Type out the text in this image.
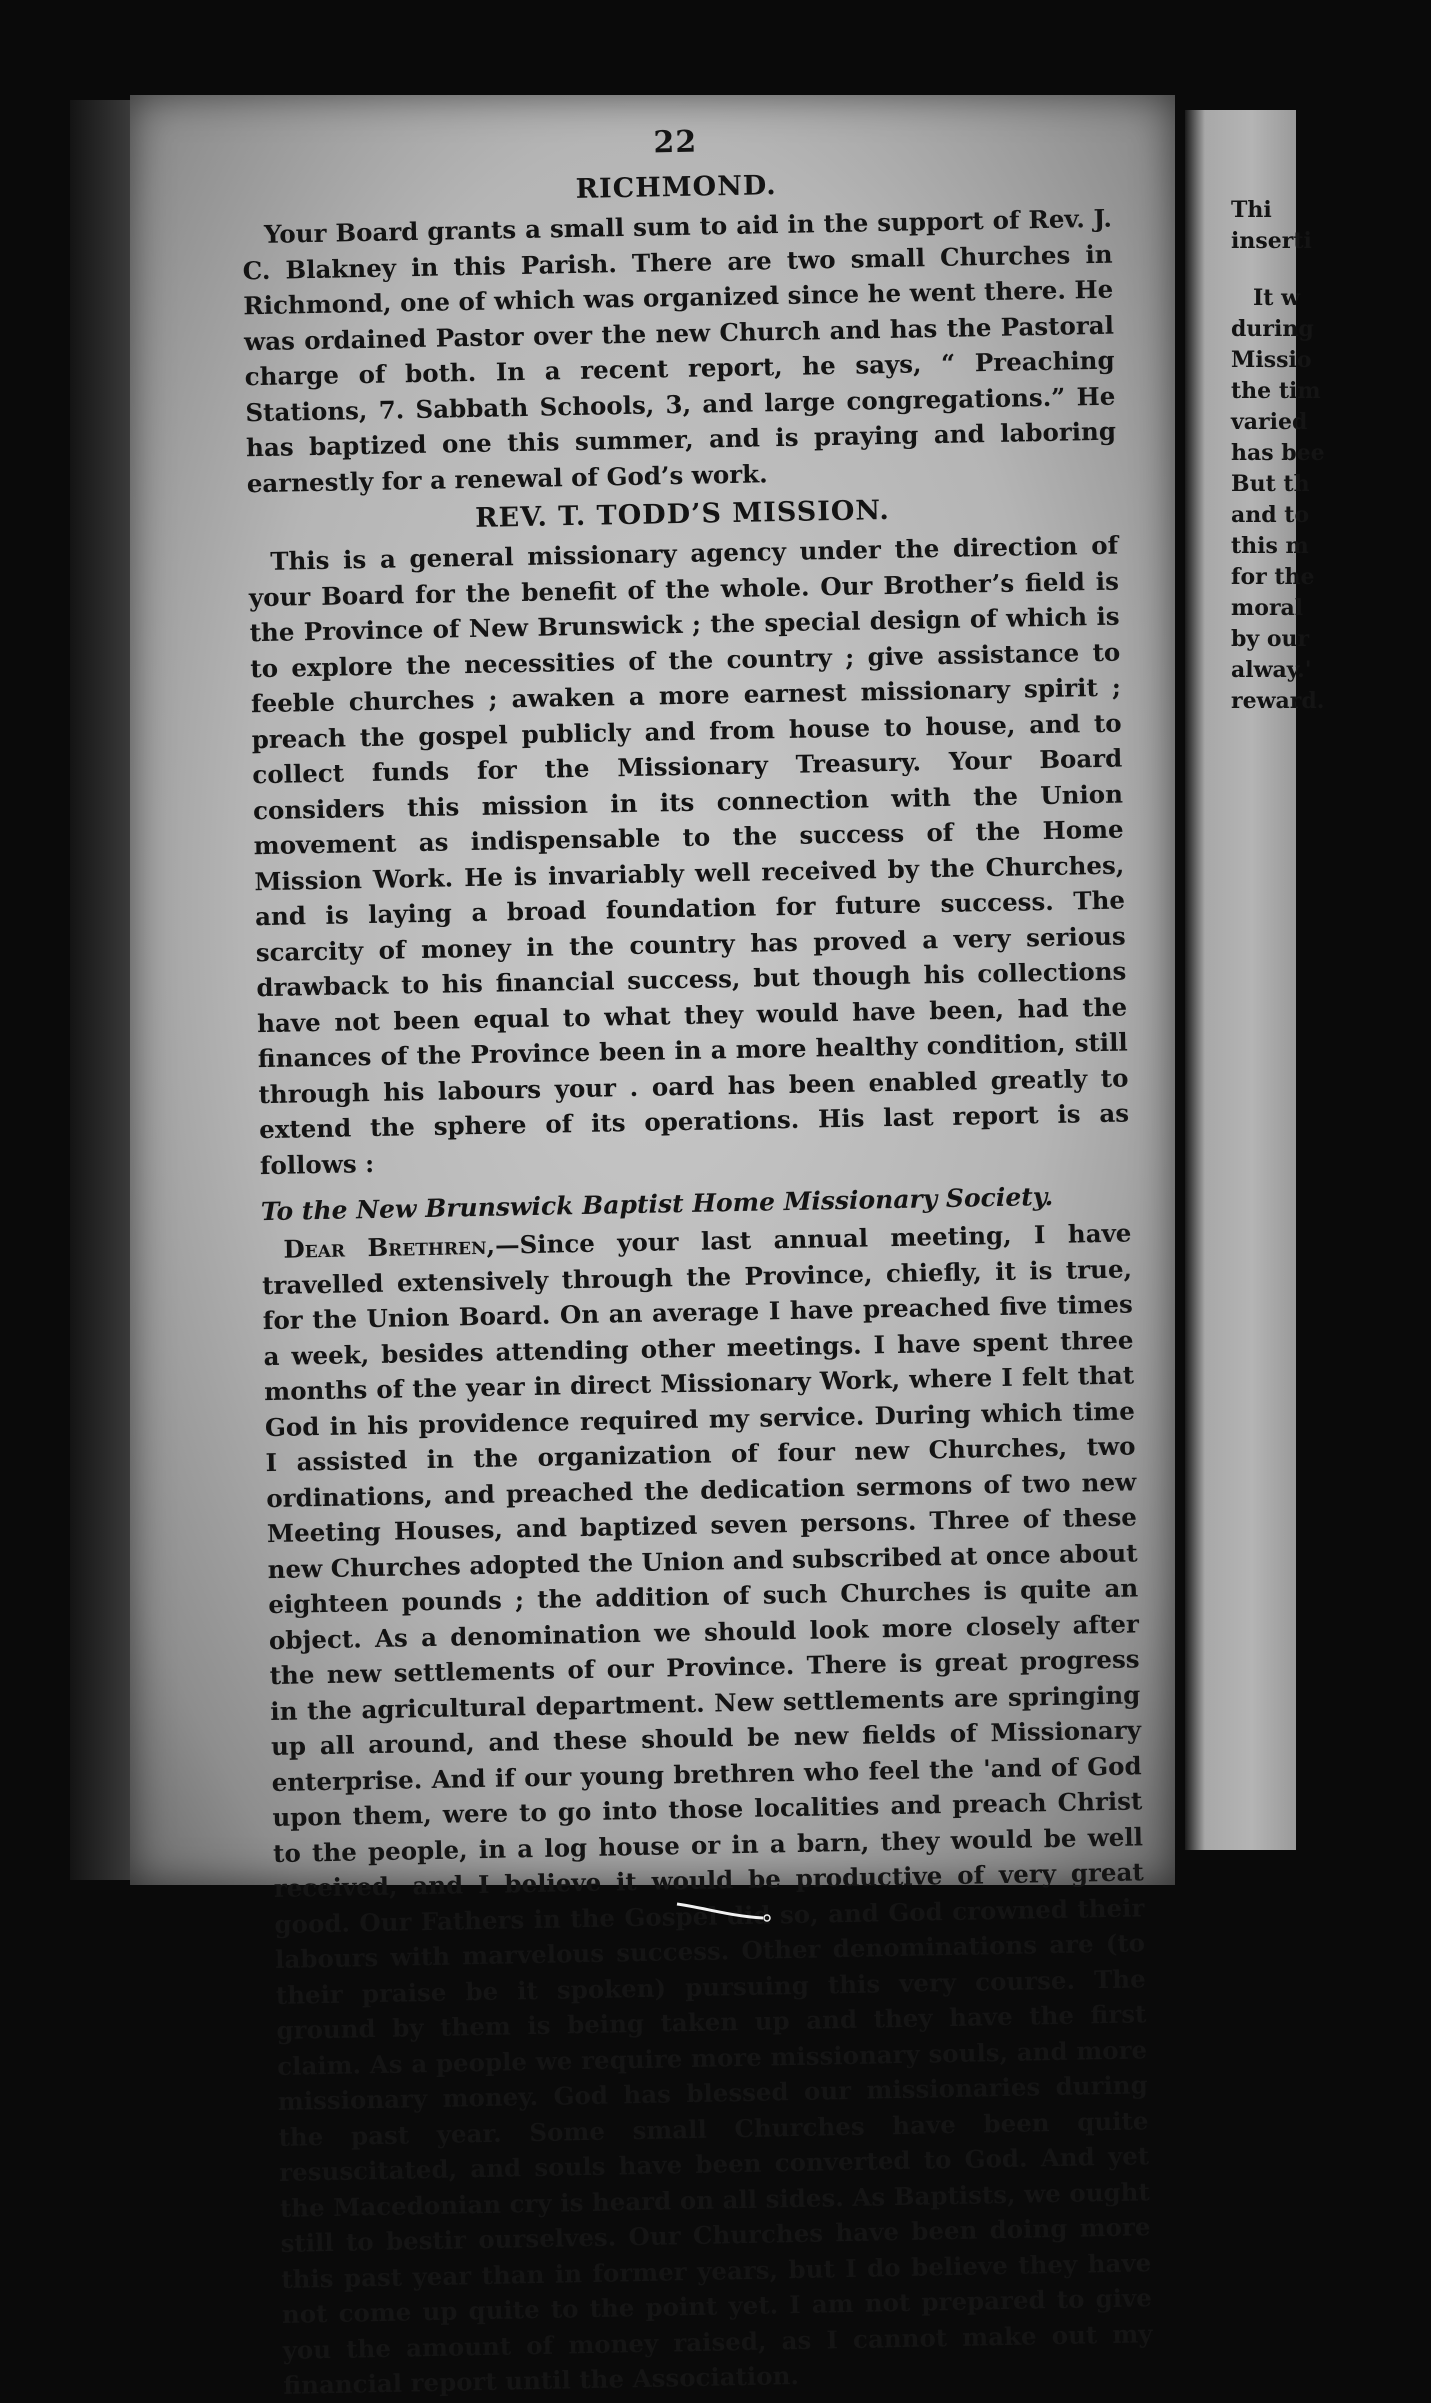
22
RICHMOND.

Your Board grants a small sum to aid in the support of Rev. J. C. Blakney in this Parish. There are two small Churches in Richmond, one of which was organized since he went there. He was ordained Pastor over the new Church and has the Pastoral charge of both. In a recent report, he says, “ Preaching Stations, 7. Sabbath Schools, 3, and large congregations.” He has baptized one this summer, and is praying and laboring earnestly for a renewal of God’s work.

REV. T. TODD’S MISSION.

This is a general missionary agency under the direction of your Board for the benefit of the whole. Our Brother’s field is the Province of New Brunswick ; the special design of which is to explore the necessities of the country ; give assistance to feeble churches ; awaken a more earnest missionary spirit ; preach the gospel publicly and from house to house, and to collect funds for the Missionary Treasury. Your Board considers this mission in its connection with the Union movement as indispensable to the success of the Home Mission Work. He is invariably well received by the Churches, and is laying a broad foundation for future success. The scarcity of money in the country has proved a very serious drawback to his financial success, but though his collections have not been equal to what they would have been, had the finances of the Province been in a more healthy condition, still through his labours your . oard has been enabled greatly to extend the sphere of its operations. His last report is as follows :

To the New Brunswick Baptist Home Missionary Society.

Dear Brethren,—Since your last annual meeting, I have travelled extensively through the Province, chiefly, it is true, for the Union Board. On an average I have preached five times a week, besides attending other meetings. I have spent three months of the year in direct Missionary Work, where I felt that God in his providence required my service. During which time I assisted in the organization of four new Churches, two ordinations, and preached the dedication sermons of two new Meeting Houses, and baptized seven persons. Three of these new Churches adopted the Union and subscribed at once about eighteen pounds ; the addition of such Churches is quite an object. As a denomination we should look more closely after the new settlements of our Province. There is great progress in the agricultural department. New settlements are springing up all around, and these should be new fields of Missionary enterprise. And if our young brethren who feel the 'and of God upon them, were to go into those localities and preach Christ to the people, in a log house or in a barn, they would be well received, and I believe it would be productive of very great good. Our Fathers in the Gospel did so, and God crowned their labours with marvelous success. Other denominations are (to their praise be it spoken) pursuing this very course. The ground by them is being taken up and they have the first claim. As a people we require more missionary souls, and more missionary money. God has blessed our missionaries during the past year. Some small Churches have been quite resuscitated, and souls have been converted to God. And yet the Macedonian cry is heard on all sides. As Baptists, we ought still to bestir ourselves. Our Churches have been doing more this past year than in former years, but I do believe they have not come up quite to the point yet. I am not prepared to give you the amount of money raised, as I cannot make out my financial report until the Association.

Thi
inserti
It w
during
Missio
the tim
varied
has bee
But th
and to
this m
for the
moral
by our
alway.'
reward.
